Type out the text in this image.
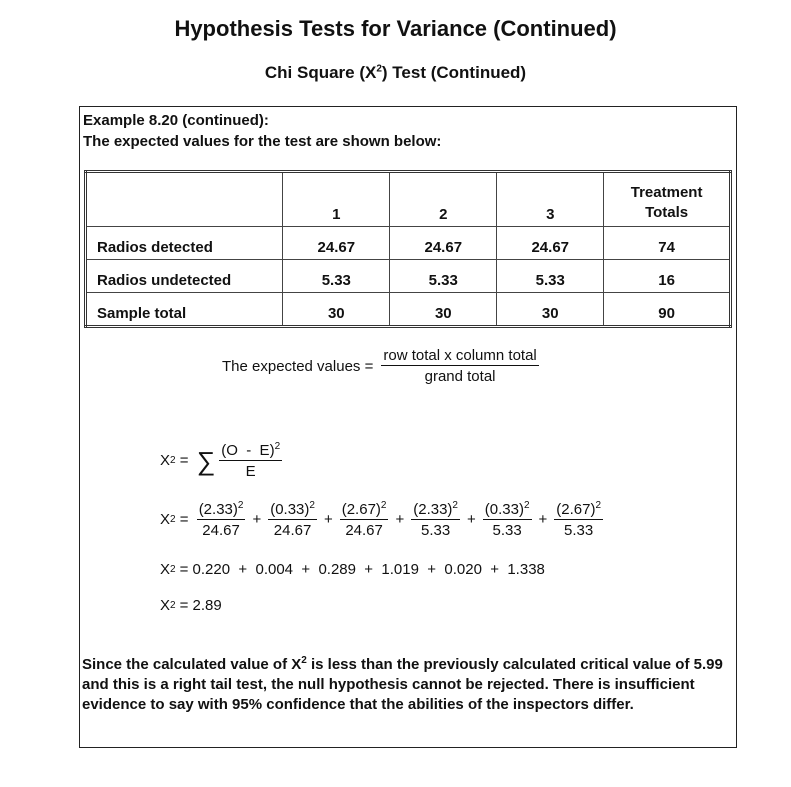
Hypothesis Tests for Variance (Continued)
Chi Square $(X^2)$ Test (Continued)
Example 8.20 (continued):
The expected values for the test are shown below:
	1	2	3	Treatment Totals
Radios detected	24.67	24.67	24.67	74
Radios undetected	5.33	5.33	5.33	16
Sample total	30	30	30	90
The expected values = $\frac{\text{row total x column total}}{\text{grand total}}$
X 2 = ∑ $\frac{(O - E)^2}{E}$
X $2 = \frac{(2.33)^2}{24.67} + \frac{(0.33)^2}{24.67} + \frac{(2.67)^2}{24.67} + \frac{(2.33)^2}{5.33} + \frac{(0.33)^2}{5.33} + \frac{(2.67)^2}{5.33}$
X 2 = 0.220  +  0.004  +  0.289  +  1.019  +  0.020  +  1.338
X 2 = 2.89
Since the calculated value of $X^2$ is less than the previously calculated critical value of 5.99 and this is a right tail test, the null hypothesis cannot be rejected. There is insufficient evidence to say with 95% confidence that the abilities of the inspectors differ.
